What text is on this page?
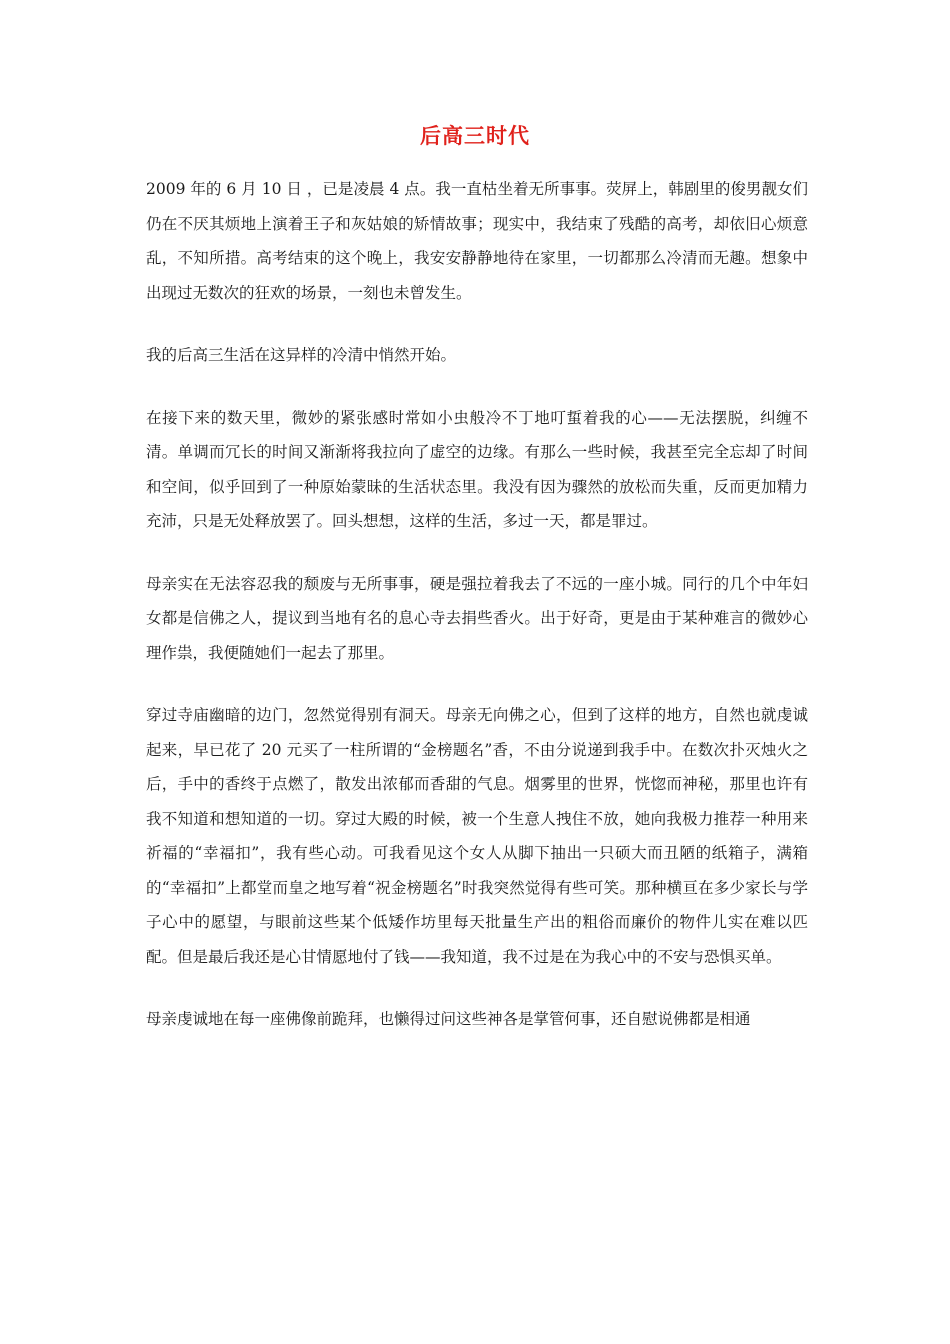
后高三时代

2009 年的 6 月 10 日 ，已是凌晨 4 点。我一直枯坐着无所事事。荧屏上，韩剧里的俊男靓女们仍在不厌其烦地上演着王子和灰姑娘的矫情故事；现实中，我结束了残酷的高考，却依旧心烦意乱，不知所措。高考结束的这个晚上，我安安静静地待在家里，一切都那么冷清而无趣。想象中出现过无数次的狂欢的场景，一刻也未曾发生。

我的后高三生活在这异样的冷清中悄然开始。

在接下来的数天里，微妙的紧张感时常如小虫般冷不丁地叮蜇着我的心——无法摆脱，纠缠不清。单调而冗长的时间又渐渐将我拉向了虚空的边缘。有那么一些时候，我甚至完全忘却了时间和空间，似乎回到了一种原始蒙昧的生活状态里。我没有因为骤然的放松而失重，反而更加精力充沛，只是无处释放罢了。回头想想，这样的生活，多过一天，都是罪过。

母亲实在无法容忍我的颓废与无所事事，硬是强拉着我去了不远的一座小城。同行的几个中年妇女都是信佛之人，提议到当地有名的息心寺去捐些香火。出于好奇，更是由于某种难言的微妙心理作祟，我便随她们一起去了那里。

穿过寺庙幽暗的边门，忽然觉得别有洞天。母亲无向佛之心，但到了这样的地方，自然也就虔诚起来，早已花了 20 元买了一柱所谓的“金榜题名”香，不由分说递到我手中。在数次扑灭烛火之后，手中的香终于点燃了，散发出浓郁而香甜的气息。烟雾里的世界，恍惚而神秘，那里也许有我不知道和想知道的一切。穿过大殿的时候，被一个生意人拽住不放，她向我极力推荐一种用来祈福的“幸福扣”，我有些心动。可我看见这个女人从脚下抽出一只硕大而丑陋的纸箱子，满箱的“幸福扣”上都堂而皇之地写着“祝金榜题名”时我突然觉得有些可笑。那种横亘在多少家长与学子心中的愿望，与眼前这些某个低矮作坊里每天批量生产出的粗俗而廉价的物件儿实在难以匹配。但是最后我还是心甘情愿地付了钱——我知道，我不过是在为我心中的不安与恐惧买单。

母亲虔诚地在每一座佛像前跪拜，也懒得过问这些神各是掌管何事，还自慰说佛都是相通
